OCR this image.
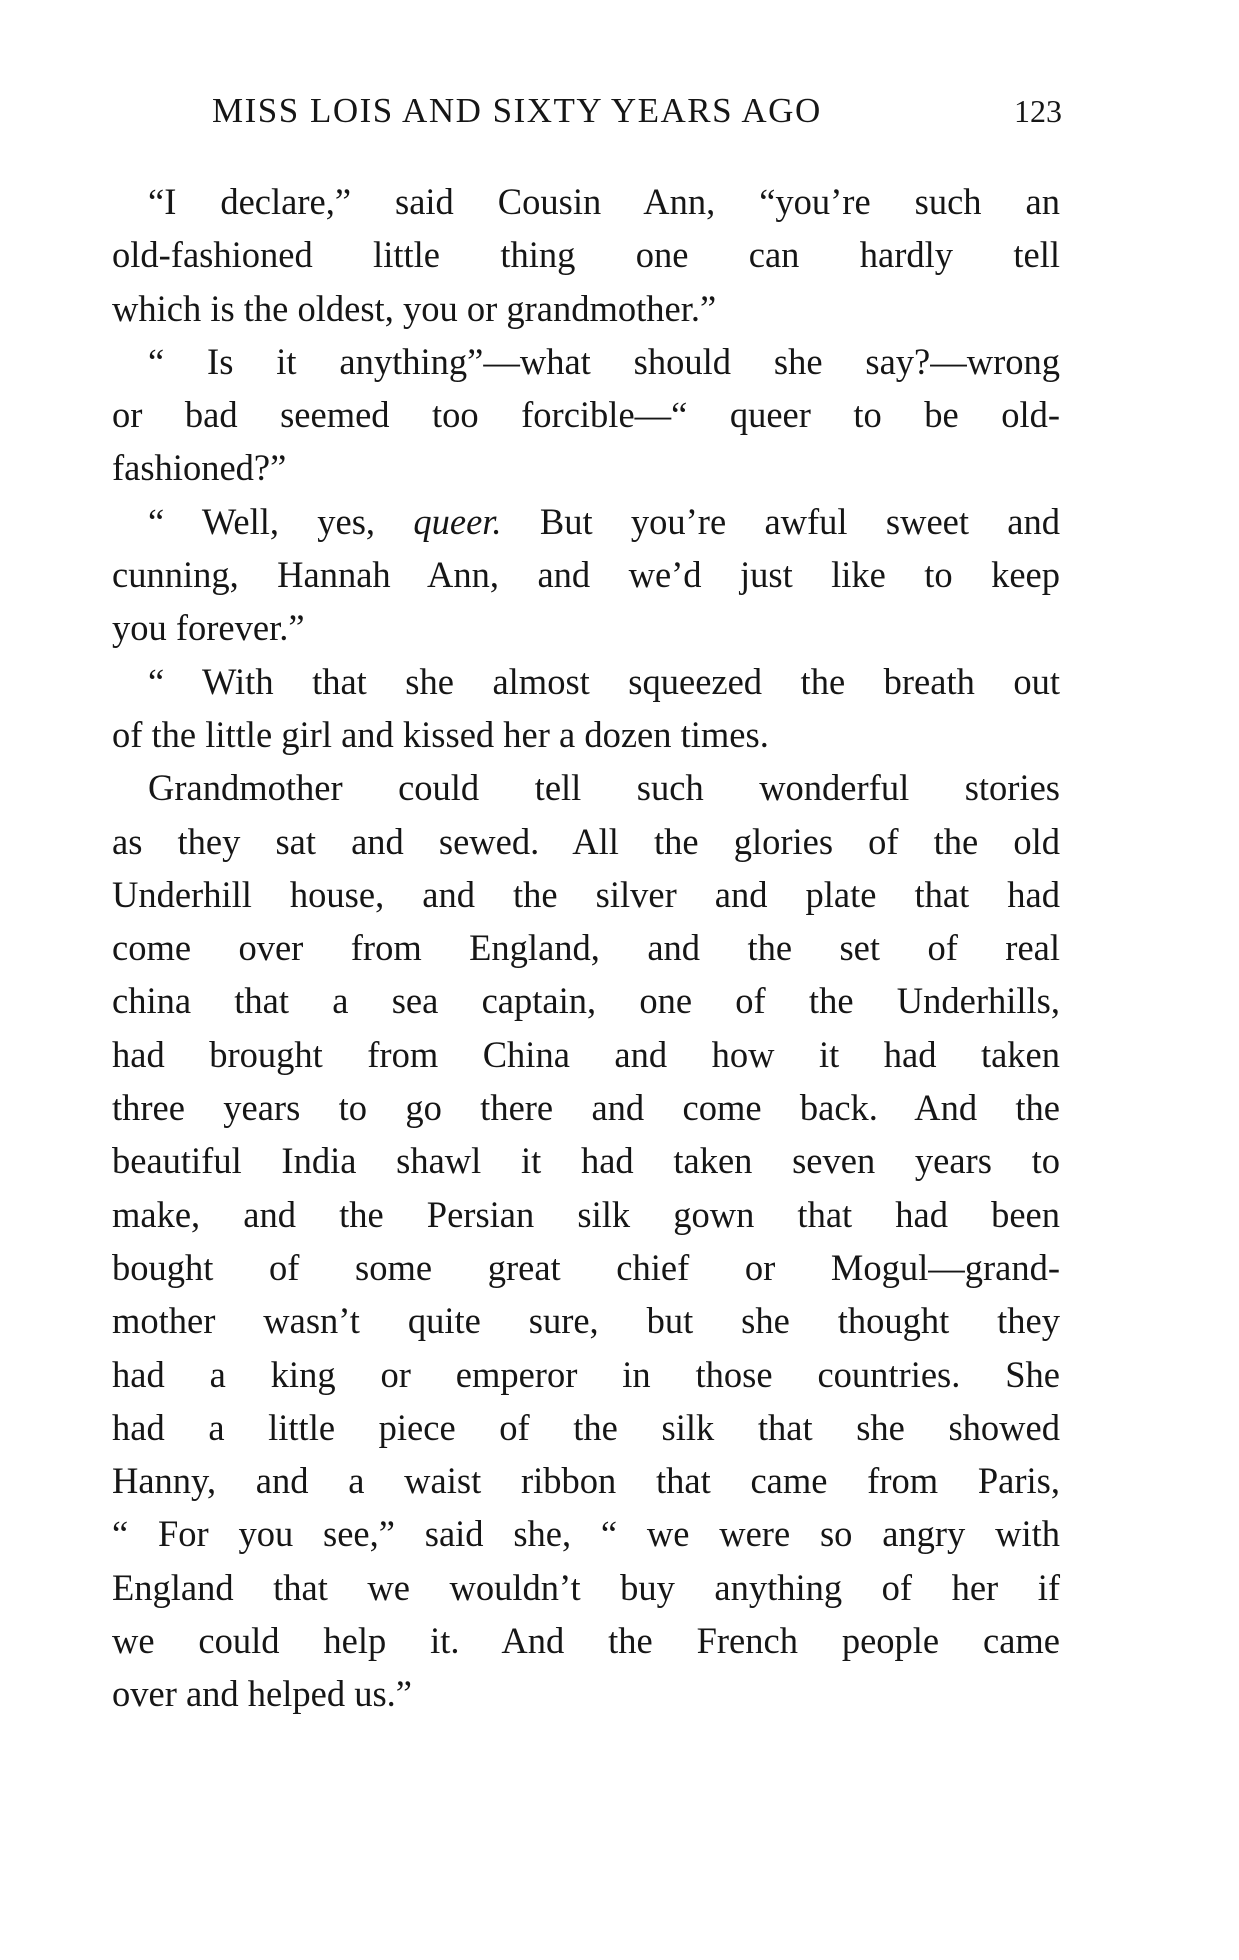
MISS LOIS AND SIXTY YEARS AGO	123
“I declare,” said Cousin Ann, “you’re such an
old-fashioned little thing one can hardly tell
which is the oldest, you or grandmother.”
“ Is it anything”—what should she say?—wrong
or bad seemed too forcible—“ queer to be old-
fashioned?”
“ Well, yes, queer. But you’re awful sweet and
cunning, Hannah Ann, and we’d just like to keep
you forever.”
“ With that she almost squeezed the breath out
of the little girl and kissed her a dozen times.
Grandmother could tell such wonderful stories
as they sat and sewed. All the glories of the old
Underhill house, and the silver and plate that had
come over from England, and the set of real
china that a sea captain, one of the Underhills,
had brought from China and how it had taken
three years to go there and come back. And the
beautiful India shawl it had taken seven years to
make, and the Persian silk gown that had been
bought of some great chief or Mogul—grand-
mother wasn’t quite sure, but she thought they
had a king or emperor in those countries. She
had a little piece of the silk that she showed
Hanny, and a waist ribbon that came from Paris,
“ For you see,” said she, “ we were so angry with
England that we wouldn’t buy anything of her if
we could help it. And the French people came
over and helped us.”
